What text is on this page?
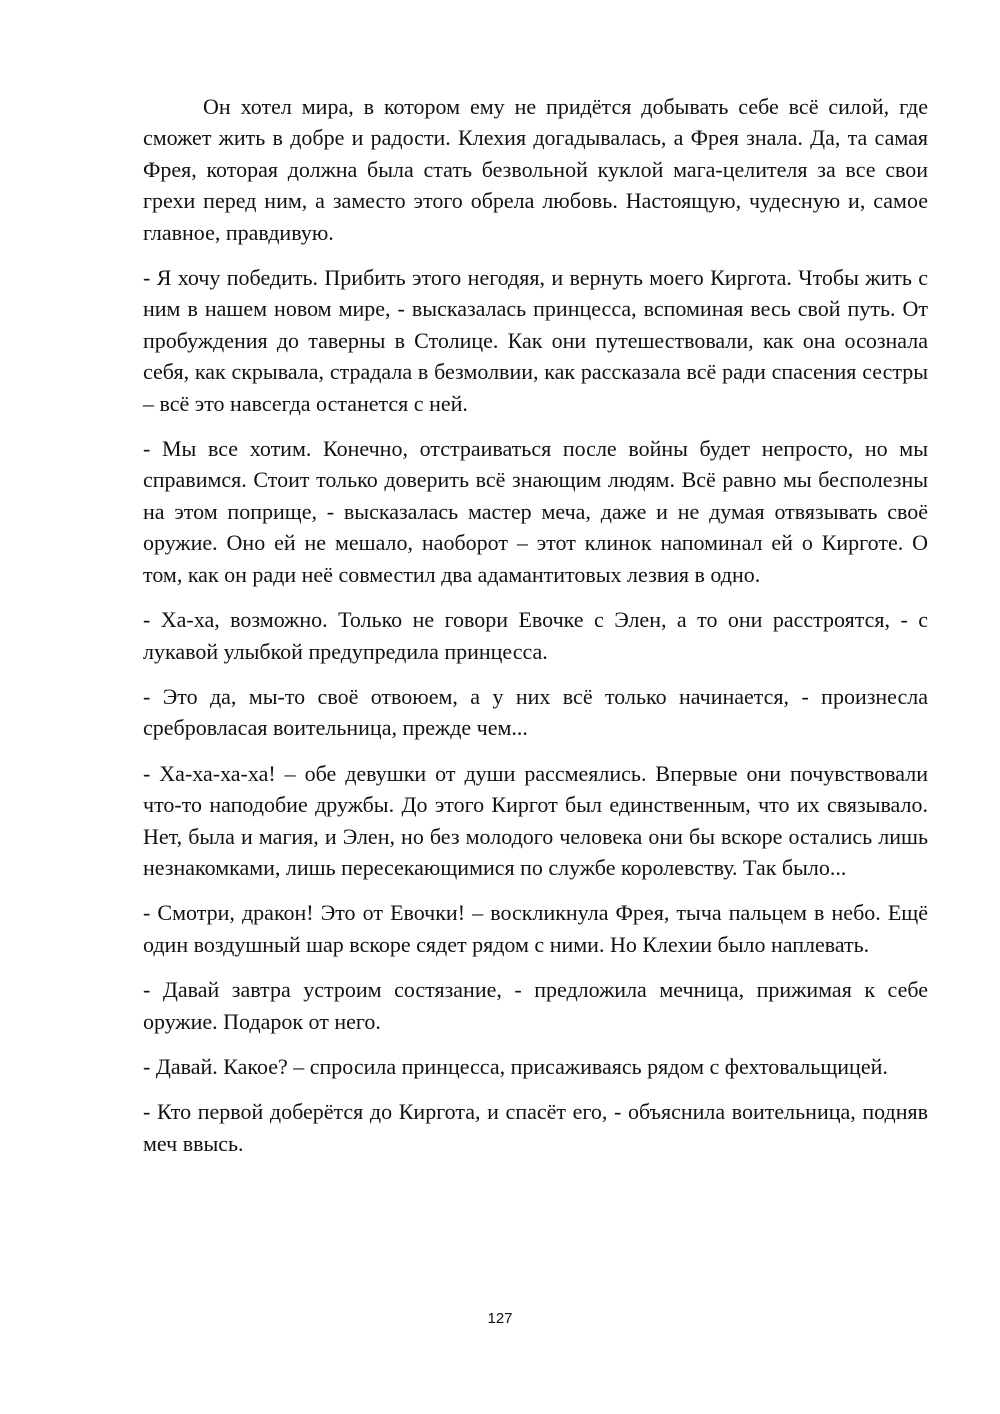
Он хотел мира, в котором ему не придётся добывать себе всё силой, где сможет жить в добре и радости. Клехия догадывалась, а Фрея знала. Да, та самая Фрея, которая должна была стать безвольной куклой мага-целителя за все свои грехи перед ним, а заместо этого обрела любовь. Настоящую, чудесную и, самое главное, правдивую.

- Я хочу победить. Прибить этого негодяя, и вернуть моего Киргота. Чтобы жить с ним в нашем новом мире, - высказалась принцесса, вспоминая весь свой путь. От пробуждения до таверны в Столице. Как они путешествовали, как она осознала себя, как скрывала, страдала в безмолвии, как рассказала всё ради спасения сестры – всё это навсегда останется с ней.

- Мы все хотим. Конечно, отстраиваться после войны будет непросто, но мы справимся. Стоит только доверить всё знающим людям. Всё равно мы бесполезны на этом поприще, - высказалась мастер меча, даже и не думая отвязывать своё оружие. Оно ей не мешало, наоборот – этот клинок напоминал ей о Кирготе. О том, как он ради неё совместил два адамантитовых лезвия в одно.

- Ха-ха, возможно. Только не говори Евочке с Элен, а то они расстроятся, - с лукавой улыбкой предупредила принцесса.

- Это да, мы-то своё отвоюем, а у них всё только начинается, - произнесла сребровласая воительница, прежде чем...

- Ха-ха-ха-ха! – обе девушки от души рассмеялись. Впервые они почувствовали что-то наподобие дружбы. До этого Киргот был единственным, что их связывало. Нет, была и магия, и Элен, но без молодого человека они бы вскоре остались лишь незнакомками, лишь пересекающимися по службе королевству. Так было...

- Смотри, дракон! Это от Евочки! – воскликнула Фрея, тыча пальцем в небо. Ещё один воздушный шар вскоре сядет рядом с ними. Но Клехии было наплевать.

- Давай завтра устроим состязание, - предложила мечница, прижимая к себе оружие. Подарок от него.

- Давай. Какое? – спросила принцесса, присаживаясь рядом с фехтовальщицей.

- Кто первой доберётся до Киргота, и спасёт его, - объяснила воительница, подняв меч ввысь.

127
